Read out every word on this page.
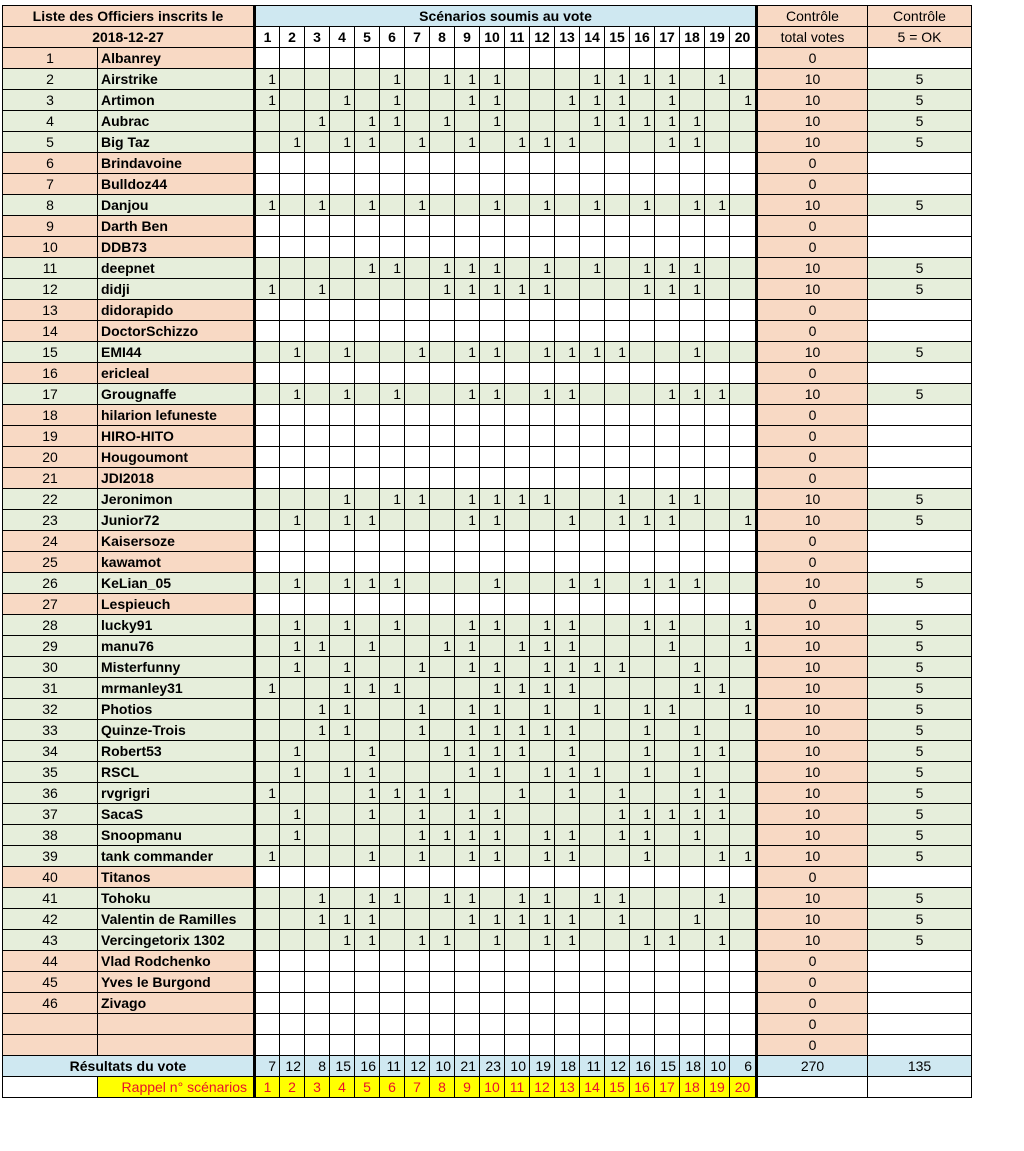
Liste des Officiers inscrits le		Scénarios soumis au vote																				Contrôle	Contrôle
2018-12-27		1	2	3	4	5	6	7	8	9	10	11	12	13	14	15	16	17	18	19	20	total votes	5 = OK
1	Albanrey																					0	
2	Airstrike	1					1		1	1	1				1	1	1	1		1		10	5
3	Artimon	1			1		1			1	1			1	1	1		1			1	10	5
4	Aubrac			1		1	1		1		1				1	1	1	1	1			10	5
5	Big Taz		1		1	1		1		1		1	1	1				1	1			10	5
6	Brindavoine																					0	
7	Bulldoz44																					0	
8	Danjou	1		1		1		1			1		1		1		1		1	1		10	5
9	Darth Ben																					0	
10	DDB73																					0	
11	deepnet					1	1		1	1	1		1		1		1	1	1			10	5
12	didji	1		1					1	1	1	1	1				1	1	1			10	5
13	didorapido																					0	
14	DoctorSchizzo																					0	
15	EMI44		1		1			1		1	1		1	1	1	1			1			10	5
16	ericleal																					0	
17	Grougnaffe		1		1		1			1	1		1	1				1	1	1		10	5
18	hilarion lefuneste																					0	
19	HIRO-HITO																					0	
20	Hougoumont																					0	
21	JDI2018																					0	
22	Jeronimon				1		1	1		1	1	1	1			1		1	1			10	5
23	Junior72		1		1	1				1	1			1		1	1	1			1	10	5
24	Kaisersoze																					0	
25	kawamot																					0	
26	KeLian_05		1		1	1	1				1			1	1		1	1	1			10	5
27	Lespieuch																					0	
28	lucky91		1		1		1			1	1		1	1			1	1			1	10	5
29	manu76		1	1		1			1	1		1	1	1				1			1	10	5
30	Misterfunny		1		1			1		1	1		1	1	1	1			1			10	5
31	mrmanley31	1			1	1	1				1	1	1	1					1	1		10	5
32	Photios			1	1			1		1	1		1		1		1	1			1	10	5
33	Quinze-Trois			1	1			1		1	1	1	1	1			1		1			10	5
34	Robert53		1			1			1	1	1	1		1			1		1	1		10	5
35	RSCL		1		1	1				1	1		1	1	1		1		1			10	5
36	rvgrigri	1				1	1	1	1			1		1		1			1	1		10	5
37	SacaS		1			1		1		1	1					1	1	1	1	1		10	5
38	Snoopmanu		1					1	1	1	1		1	1		1	1		1			10	5
39	tank commander	1				1		1		1	1		1	1			1			1	1	10	5
40	Titanos																					0	
41	Tohoku			1		1	1		1	1		1	1		1	1				1		10	5
42	Valentin de Ramilles			1	1	1				1	1	1	1	1		1			1			10	5
43	Vercingetorix 1302				1	1		1	1		1		1	1			1	1		1		10	5
44	Vlad Rodchenko																					0	
45	Yves le Burgond																					0	
46	Zivago																					0	
																						0	
																						0	
Résultats du vote		7	12	8	15	16	11	12	10	21	23	10	19	18	11	12	16	15	18	10	6	270	135
	Rappel n° scénarios	1	2	3	4	5	6	7	8	9	10	11	12	13	14	15	16	17	18	19	20		
